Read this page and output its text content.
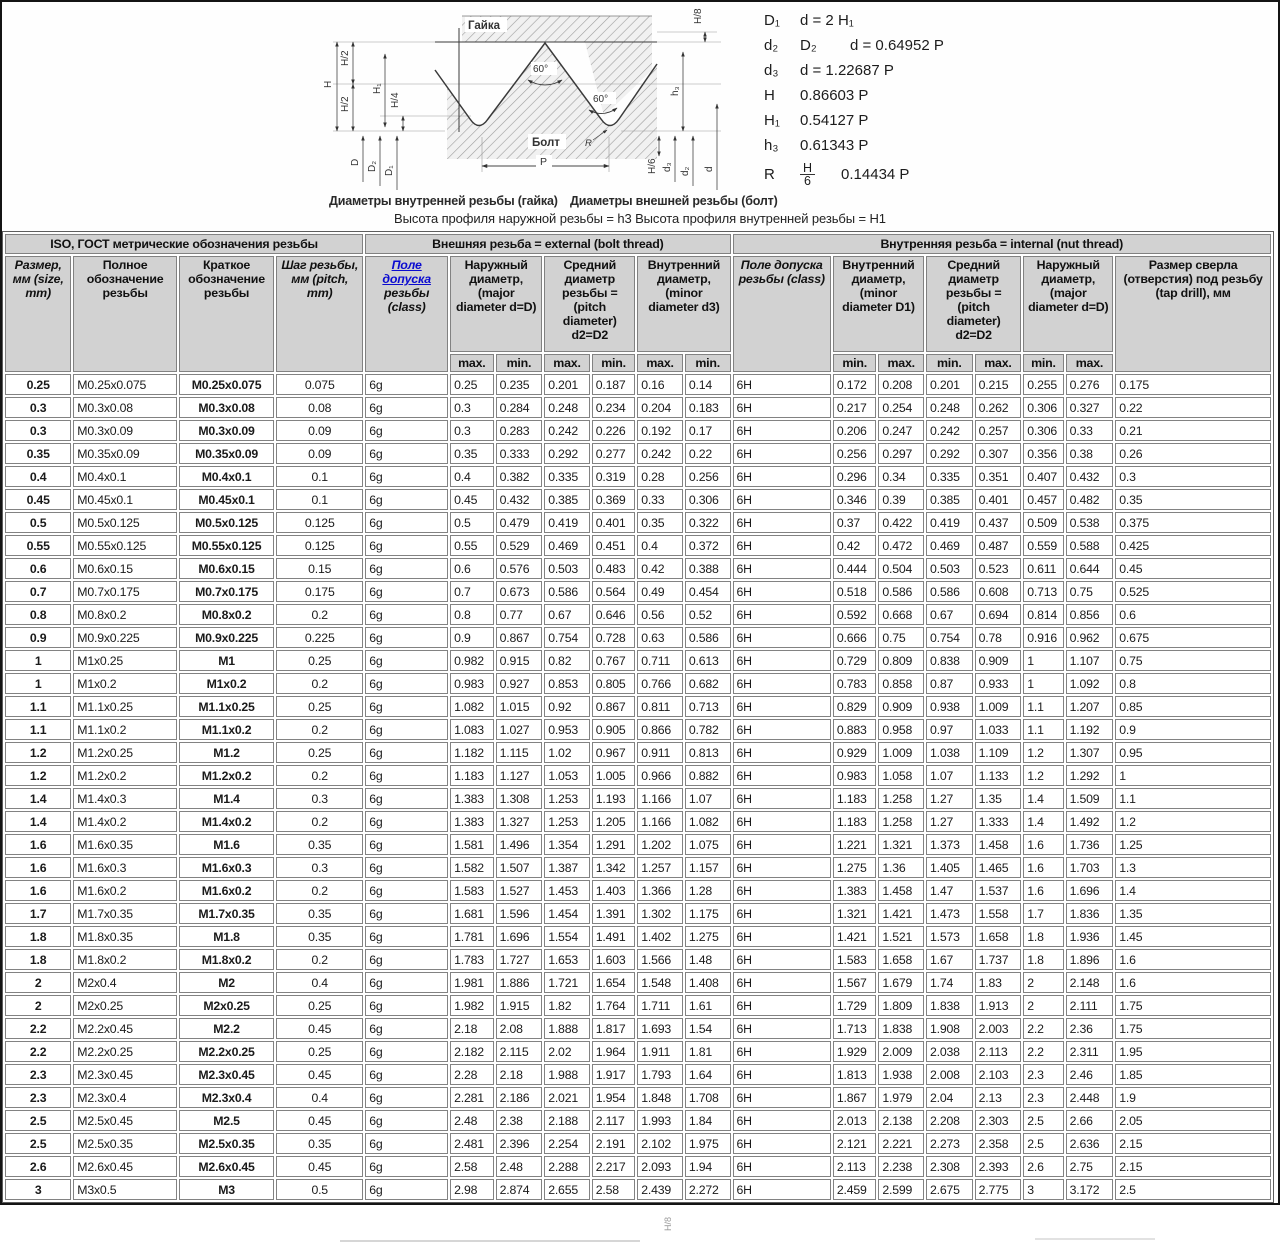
H
H/2
H/2
H₁
H/4
D D₂ D₁
H/8
h₃
H/6 d₃ d₂ d
P
60°
60°
R
Гайка
Болт
D₁	d = 2 H₁
d₂	D₂	d = 0.64952 P
d₃	d = 1.22687 P
H	0.86603 P
H₁	0.54127 P
h₃	0.61343 P
R	$\frac{H}{6} 0.14434$ P
Диаметры внутренней резьбы (гайка) Диаметры внешней резьбы (болт)
Высота профиля наружной резьбы = h3 Высота профиля внутренней резьбы = H1
ISO, ГОСТ метрические обозначения резьбы				Внешняя резьба = external (bolt thread)							Внутренняя резьба = internal (nut thread)							
Размер, мм (size, mm)	Полное обозначение резьбы	Краткое обозначение резьбы	Шаг резьбы, мм (pitch, mm)	Поле допуска резьбы (class)	Наружный диаметр, (major diameter d=D)		Средний диаметр резьбы = (pitch diameter) d2=D2		Внутренний диаметр, (minor diameter d3)		Поле допуска резьбы (class)	Внутренний диаметр, (minor diameter D1)		Средний диаметр резьбы = (pitch diameter) d2=D2		Наружный диаметр, (major diameter d=D)		Размер сверла (отверстия) под резьбу (tap drill), мм
					max.	min.	max.	min.	max.	min.		min.	max.	min.	max.	min.	max.	
0.25	M0.25x0.075	M0.25x0.075	0.075	6g	0.25	0.235	0.201	0.187	0.16	0.14	6H	0.172	0.208	0.201	0.215	0.255	0.276	0.175
0.3	M0.3x0.08	M0.3x0.08	0.08	6g	0.3	0.284	0.248	0.234	0.204	0.183	6H	0.217	0.254	0.248	0.262	0.306	0.327	0.22
0.3	M0.3x0.09	M0.3x0.09	0.09	6g	0.3	0.283	0.242	0.226	0.192	0.17	6H	0.206	0.247	0.242	0.257	0.306	0.33	0.21
0.35	M0.35x0.09	M0.35x0.09	0.09	6g	0.35	0.333	0.292	0.277	0.242	0.22	6H	0.256	0.297	0.292	0.307	0.356	0.38	0.26
0.4	M0.4x0.1	M0.4x0.1	0.1	6g	0.4	0.382	0.335	0.319	0.28	0.256	6H	0.296	0.34	0.335	0.351	0.407	0.432	0.3
0.45	M0.45x0.1	M0.45x0.1	0.1	6g	0.45	0.432	0.385	0.369	0.33	0.306	6H	0.346	0.39	0.385	0.401	0.457	0.482	0.35
0.5	M0.5x0.125	M0.5x0.125	0.125	6g	0.5	0.479	0.419	0.401	0.35	0.322	6H	0.37	0.422	0.419	0.437	0.509	0.538	0.375
0.55	M0.55x0.125	M0.55x0.125	0.125	6g	0.55	0.529	0.469	0.451	0.4	0.372	6H	0.42	0.472	0.469	0.487	0.559	0.588	0.425
0.6	M0.6x0.15	M0.6x0.15	0.15	6g	0.6	0.576	0.503	0.483	0.42	0.388	6H	0.444	0.504	0.503	0.523	0.611	0.644	0.45
0.7	M0.7x0.175	M0.7x0.175	0.175	6g	0.7	0.673	0.586	0.564	0.49	0.454	6H	0.518	0.586	0.586	0.608	0.713	0.75	0.525
0.8	M0.8x0.2	M0.8x0.2	0.2	6g	0.8	0.77	0.67	0.646	0.56	0.52	6H	0.592	0.668	0.67	0.694	0.814	0.856	0.6
0.9	M0.9x0.225	M0.9x0.225	0.225	6g	0.9	0.867	0.754	0.728	0.63	0.586	6H	0.666	0.75	0.754	0.78	0.916	0.962	0.675
1	M1x0.25	M1	0.25	6g	0.982	0.915	0.82	0.767	0.711	0.613	6H	0.729	0.809	0.838	0.909	1	1.107	0.75
1	M1x0.2	M1x0.2	0.2	6g	0.983	0.927	0.853	0.805	0.766	0.682	6H	0.783	0.858	0.87	0.933	1	1.092	0.8
1.1	M1.1x0.25	M1.1x0.25	0.25	6g	1.082	1.015	0.92	0.867	0.811	0.713	6H	0.829	0.909	0.938	1.009	1.1	1.207	0.85
1.1	M1.1x0.2	M1.1x0.2	0.2	6g	1.083	1.027	0.953	0.905	0.866	0.782	6H	0.883	0.958	0.97	1.033	1.1	1.192	0.9
1.2	M1.2x0.25	M1.2	0.25	6g	1.182	1.115	1.02	0.967	0.911	0.813	6H	0.929	1.009	1.038	1.109	1.2	1.307	0.95
1.2	M1.2x0.2	M1.2x0.2	0.2	6g	1.183	1.127	1.053	1.005	0.966	0.882	6H	0.983	1.058	1.07	1.133	1.2	1.292	1
1.4	M1.4x0.3	M1.4	0.3	6g	1.383	1.308	1.253	1.193	1.166	1.07	6H	1.183	1.258	1.27	1.35	1.4	1.509	1.1
1.4	M1.4x0.2	M1.4x0.2	0.2	6g	1.383	1.327	1.253	1.205	1.166	1.082	6H	1.183	1.258	1.27	1.333	1.4	1.492	1.2
1.6	M1.6x0.35	M1.6	0.35	6g	1.581	1.496	1.354	1.291	1.202	1.075	6H	1.221	1.321	1.373	1.458	1.6	1.736	1.25
1.6	M1.6x0.3	M1.6x0.3	0.3	6g	1.582	1.507	1.387	1.342	1.257	1.157	6H	1.275	1.36	1.405	1.465	1.6	1.703	1.3
1.6	M1.6x0.2	M1.6x0.2	0.2	6g	1.583	1.527	1.453	1.403	1.366	1.28	6H	1.383	1.458	1.47	1.537	1.6	1.696	1.4
1.7	M1.7x0.35	M1.7x0.35	0.35	6g	1.681	1.596	1.454	1.391	1.302	1.175	6H	1.321	1.421	1.473	1.558	1.7	1.836	1.35
1.8	M1.8x0.35	M1.8	0.35	6g	1.781	1.696	1.554	1.491	1.402	1.275	6H	1.421	1.521	1.573	1.658	1.8	1.936	1.45
1.8	M1.8x0.2	M1.8x0.2	0.2	6g	1.783	1.727	1.653	1.603	1.566	1.48	6H	1.583	1.658	1.67	1.737	1.8	1.896	1.6
2	M2x0.4	M2	0.4	6g	1.981	1.886	1.721	1.654	1.548	1.408	6H	1.567	1.679	1.74	1.83	2	2.148	1.6
2	M2x0.25	M2x0.25	0.25	6g	1.982	1.915	1.82	1.764	1.711	1.61	6H	1.729	1.809	1.838	1.913	2	2.111	1.75
2.2	M2.2x0.45	M2.2	0.45	6g	2.18	2.08	1.888	1.817	1.693	1.54	6H	1.713	1.838	1.908	2.003	2.2	2.36	1.75
2.2	M2.2x0.25	M2.2x0.25	0.25	6g	2.182	2.115	2.02	1.964	1.911	1.81	6H	1.929	2.009	2.038	2.113	2.2	2.311	1.95
2.3	M2.3x0.45	M2.3x0.45	0.45	6g	2.28	2.18	1.988	1.917	1.793	1.64	6H	1.813	1.938	2.008	2.103	2.3	2.46	1.85
2.3	M2.3x0.4	M2.3x0.4	0.4	6g	2.281	2.186	2.021	1.954	1.848	1.708	6H	1.867	1.979	2.04	2.13	2.3	2.448	1.9
2.5	M2.5x0.45	M2.5	0.45	6g	2.48	2.38	2.188	2.117	1.993	1.84	6H	2.013	2.138	2.208	2.303	2.5	2.66	2.05
2.5	M2.5x0.35	M2.5x0.35	0.35	6g	2.481	2.396	2.254	2.191	2.102	1.975	6H	2.121	2.221	2.273	2.358	2.5	2.636	2.15
2.6	M2.6x0.45	M2.6x0.45	0.45	6g	2.58	2.48	2.288	2.217	2.093	1.94	6H	2.113	2.238	2.308	2.393	2.6	2.75	2.15
3	M3x0.5	M3	0.5	6g	2.98	2.874	2.655	2.58	2.439	2.272	6H	2.459	2.599	2.675	2.775	3	3.172	2.5
H/8
